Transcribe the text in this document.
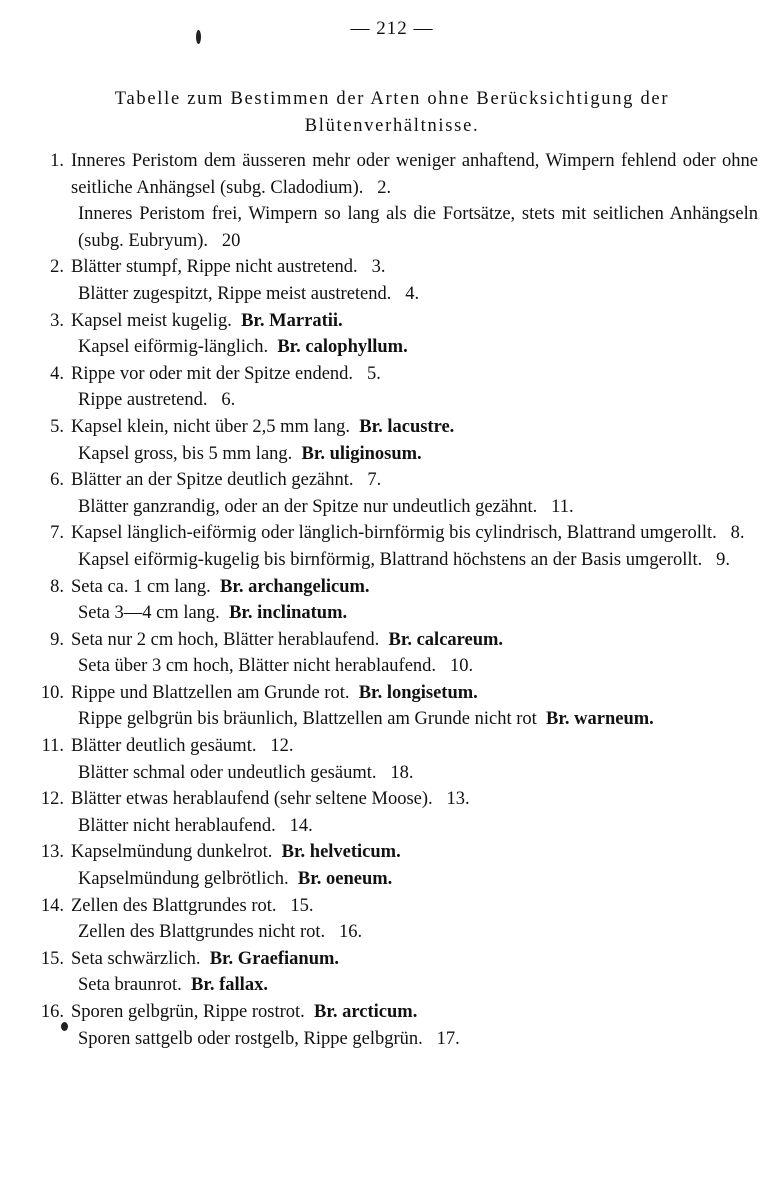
— 212 —
Tabelle zum Bestimmen der Arten ohne Berücksichtigung der Blütenverhältnisse.
1. Inneres Peristom dem äusseren mehr oder weniger anhaftend, Wimpern fehlend oder ohne seitliche Anhängsel (subg. Cladodium). 2.
Inneres Peristom frei, Wimpern so lang als die Fortsätze, stets mit seitlichen Anhängseln (subg. Eubryum). 20
2. Blätter stumpf, Rippe nicht austretend. 3.
Blätter zugespitzt, Rippe meist austretend. 4.
3. Kapsel meist kugelig. Br. Marratii.
Kapsel eiförmig-länglich. Br. calophyllum.
4. Rippe vor oder mit der Spitze endend. 5.
Rippe austretend. 6.
5. Kapsel klein, nicht über 2,5 mm lang. Br. lacustre.
Kapsel gross, bis 5 mm lang. Br. uliginosum.
6. Blätter an der Spitze deutlich gezähnt. 7.
Blätter ganzrandig, oder an der Spitze nur undeutlich gezähnt. 11.
7. Kapsel länglich-eiförmig oder länglich-birnförmig bis cylindrisch, Blattrand umgerollt. 8.
Kapsel eiförmig-kugelig bis birnförmig, Blattrand höchstens an der Basis umgerollt. 9.
8. Seta ca. 1 cm lang. Br. archangelicum.
Seta 3—4 cm lang. Br. inclinatum.
9. Seta nur 2 cm hoch, Blätter herablaufend. Br. calcareum.
Seta über 3 cm hoch, Blätter nicht herablaufend. 10.
10. Rippe und Blattzellen am Grunde rot. Br. longisetum.
Rippe gelbgrün bis bräunlich, Blattzellen am Grunde nicht rot Br. warneum.
11. Blätter deutlich gesäumt. 12.
Blätter schmal oder undeutlich gesäumt. 18.
12. Blätter etwas herablaufend (sehr seltene Moose). 13.
Blätter nicht herablaufend. 14.
13. Kapselmündung dunkelrot. Br. helveticum.
Kapselmündung gelbrötlich. Br. oeneum.
14. Zellen des Blattgrundes rot. 15.
Zellen des Blattgrundes nicht rot. 16.
15. Seta schwärzlich. Br. Graefianum.
Seta braunrot. Br. fallax.
16. Sporen gelbgrün, Rippe rostrot. Br. arcticum.
Sporen sattgelb oder rostgelb, Rippe gelbgrün. 17.
